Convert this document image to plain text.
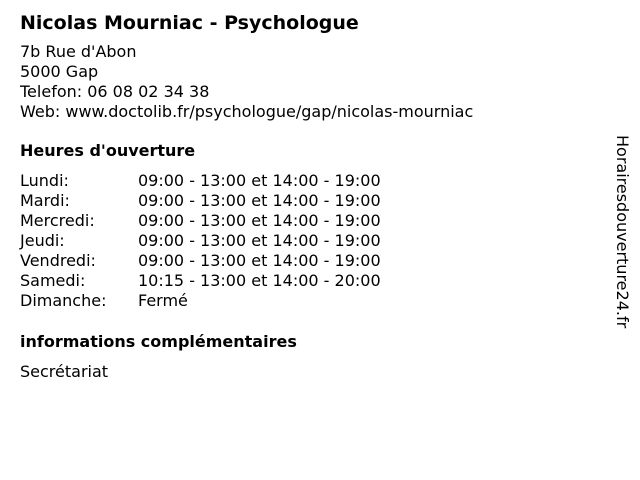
Nicolas Mourniac - Psychologue
7b Rue d'Abon
5000 Gap
Telefon: 06 08 02 34 38
Web: www.doctolib.fr/psychologue/gap/nicolas-mourniac
Heures d'ouverture
Lundi:	09:00 - 13:00 et 14:00 - 19:00
Mardi:	09:00 - 13:00 et 14:00 - 19:00
Mercredi:	09:00 - 13:00 et 14:00 - 19:00
Jeudi:	09:00 - 13:00 et 14:00 - 19:00
Vendredi:	09:00 - 13:00 et 14:00 - 19:00
Samedi:	10:15 - 13:00 et 14:00 - 20:00
Dimanche:	Fermé
informations complémentaires
Secrétariat
Horairesdouverture24.fr
